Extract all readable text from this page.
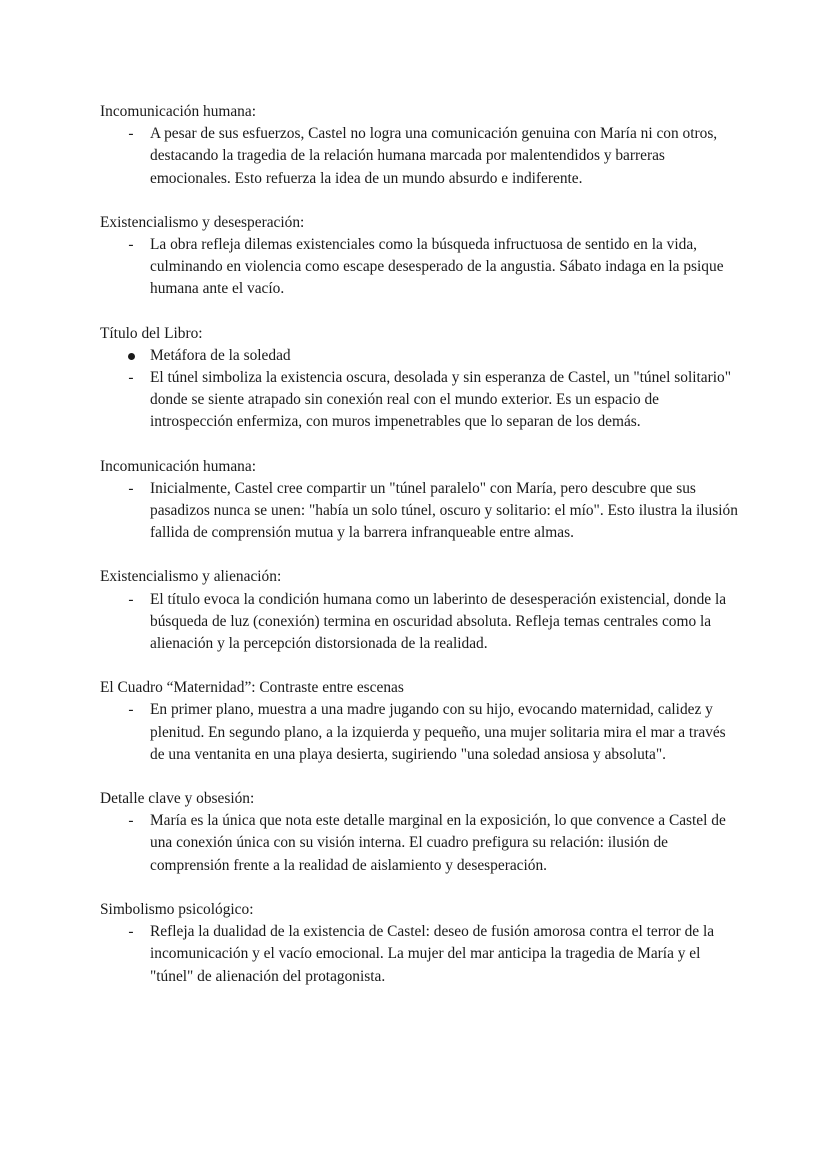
Incomunicación humana:

- A pesar de sus esfuerzos, Castel no logra una comunicación genuina con María ni con otros, destacando la tragedia de la relación humana marcada por malentendidos y barreras emocionales. Esto refuerza la idea de un mundo absurdo e indiferente.

Existencialismo y desesperación:

- La obra refleja dilemas existenciales como la búsqueda infructuosa de sentido en la vida, culminando en violencia como escape desesperado de la angustia. Sábato indaga en la psique humana ante el vacío.

Título del Libro:

Metáfora de la soledad
- El túnel simboliza la existencia oscura, desolada y sin esperanza de Castel, un "túnel solitario" donde se siente atrapado sin conexión real con el mundo exterior. Es un espacio de introspección enfermiza, con muros impenetrables que lo separan de los demás.

Incomunicación humana:

- Inicialmente, Castel cree compartir un "túnel paralelo" con María, pero descubre que sus pasadizos nunca se unen: "había un solo túnel, oscuro y solitario: el mío". Esto ilustra la ilusión fallida de comprensión mutua y la barrera infranqueable entre almas.

Existencialismo y alienación:

- El título evoca la condición humana como un laberinto de desesperación existencial, donde la búsqueda de luz (conexión) termina en oscuridad absoluta. Refleja temas centrales como la alienación y la percepción distorsionada de la realidad.

El Cuadro “Maternidad”: Contraste entre escenas

- En primer plano, muestra a una madre jugando con su hijo, evocando maternidad, calidez y plenitud. En segundo plano, a la izquierda y pequeño, una mujer solitaria mira el mar a través de una ventanita en una playa desierta, sugiriendo "una soledad ansiosa y absoluta".

Detalle clave y obsesión:

- María es la única que nota este detalle marginal en la exposición, lo que convence a Castel de una conexión única con su visión interna. El cuadro prefigura su relación: ilusión de comprensión frente a la realidad de aislamiento y desesperación.

Simbolismo psicológico:

- Refleja la dualidad de la existencia de Castel: deseo de fusión amorosa contra el terror de la incomunicación y el vacío emocional. La mujer del mar anticipa la tragedia de María y el "túnel" de alienación del protagonista.
